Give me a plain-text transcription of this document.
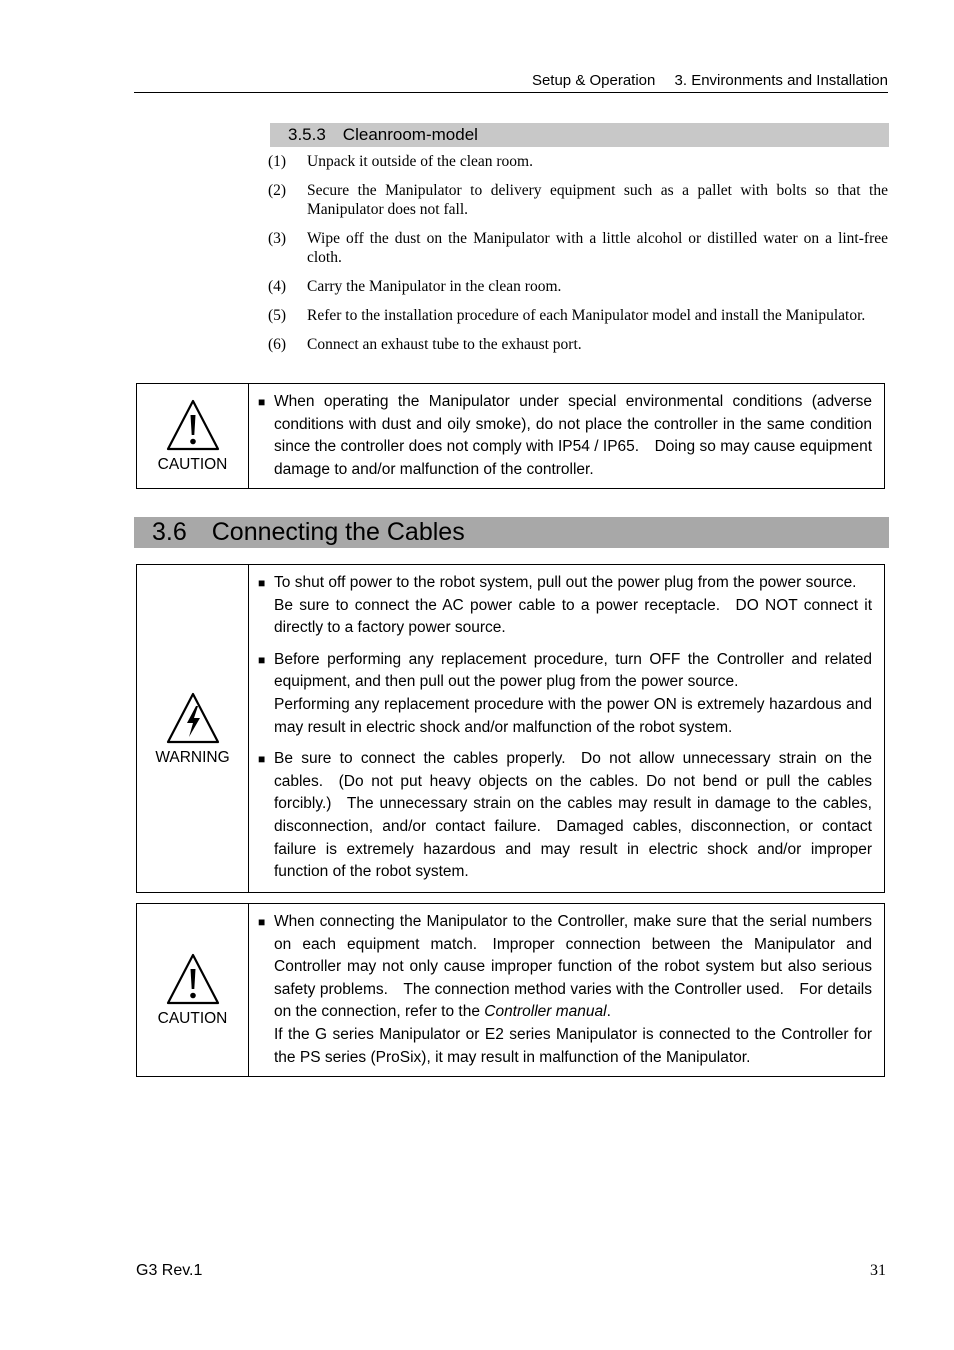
Setup & Operation  3. Environments and Installation
3.5.3 Cleanroom-model
(1)	Unpack it outside of the clean room.
(2)	Secure the Manipulator to delivery equipment such as a pallet with bolts so that the Manipulator does not fall.
(3)	Wipe off the dust on the Manipulator with a little alcohol or distilled water on a lint-free cloth.
(4)	Carry the Manipulator in the clean room.
(5)	Refer to the installation procedure of each Manipulator model and install the Manipulator.
(6)	Connect an exhaust tube to the exhaust port.
CAUTION
■ When operating the Manipulator under special environmental conditions (adverse conditions with dust and oily smoke), do not place the controller in the same condition since the controller does not comply with IP54 / IP65. Doing so may cause equipment damage to and/or malfunction of the controller.
3.6 Connecting the Cables
WARNING
■ To shut off power to the robot system, pull out the power plug from the power source. Be sure to connect the AC power cable to a power receptacle. DO NOT connect it directly to a factory power source.
■ Before performing any replacement procedure, turn OFF the Controller and related equipment, and then pull out the power plug from the power source.
Performing any replacement procedure with the power ON is extremely hazardous and may result in electric shock and/or malfunction of the robot system.
■ Be sure to connect the cables properly. Do not allow unnecessary strain on the cables. (Do not put heavy objects on the cables. Do not bend or pull the cables forcibly.) The unnecessary strain on the cables may result in damage to the cables, disconnection, and/or contact failure. Damaged cables, disconnection, or contact failure is extremely hazardous and may result in electric shock and/or improper function of the robot system.
CAUTION
■ When connecting the Manipulator to the Controller, make sure that the serial numbers on each equipment match. Improper connection between the Manipulator and Controller may not only cause improper function of the robot system but also serious safety problems. The connection method varies with the Controller used. For details on the connection, refer to the Controller manual.
If the G series Manipulator or E2 series Manipulator is connected to the Controller for the PS series (ProSix), it may result in malfunction of the Manipulator.
G3 Rev.1	31
